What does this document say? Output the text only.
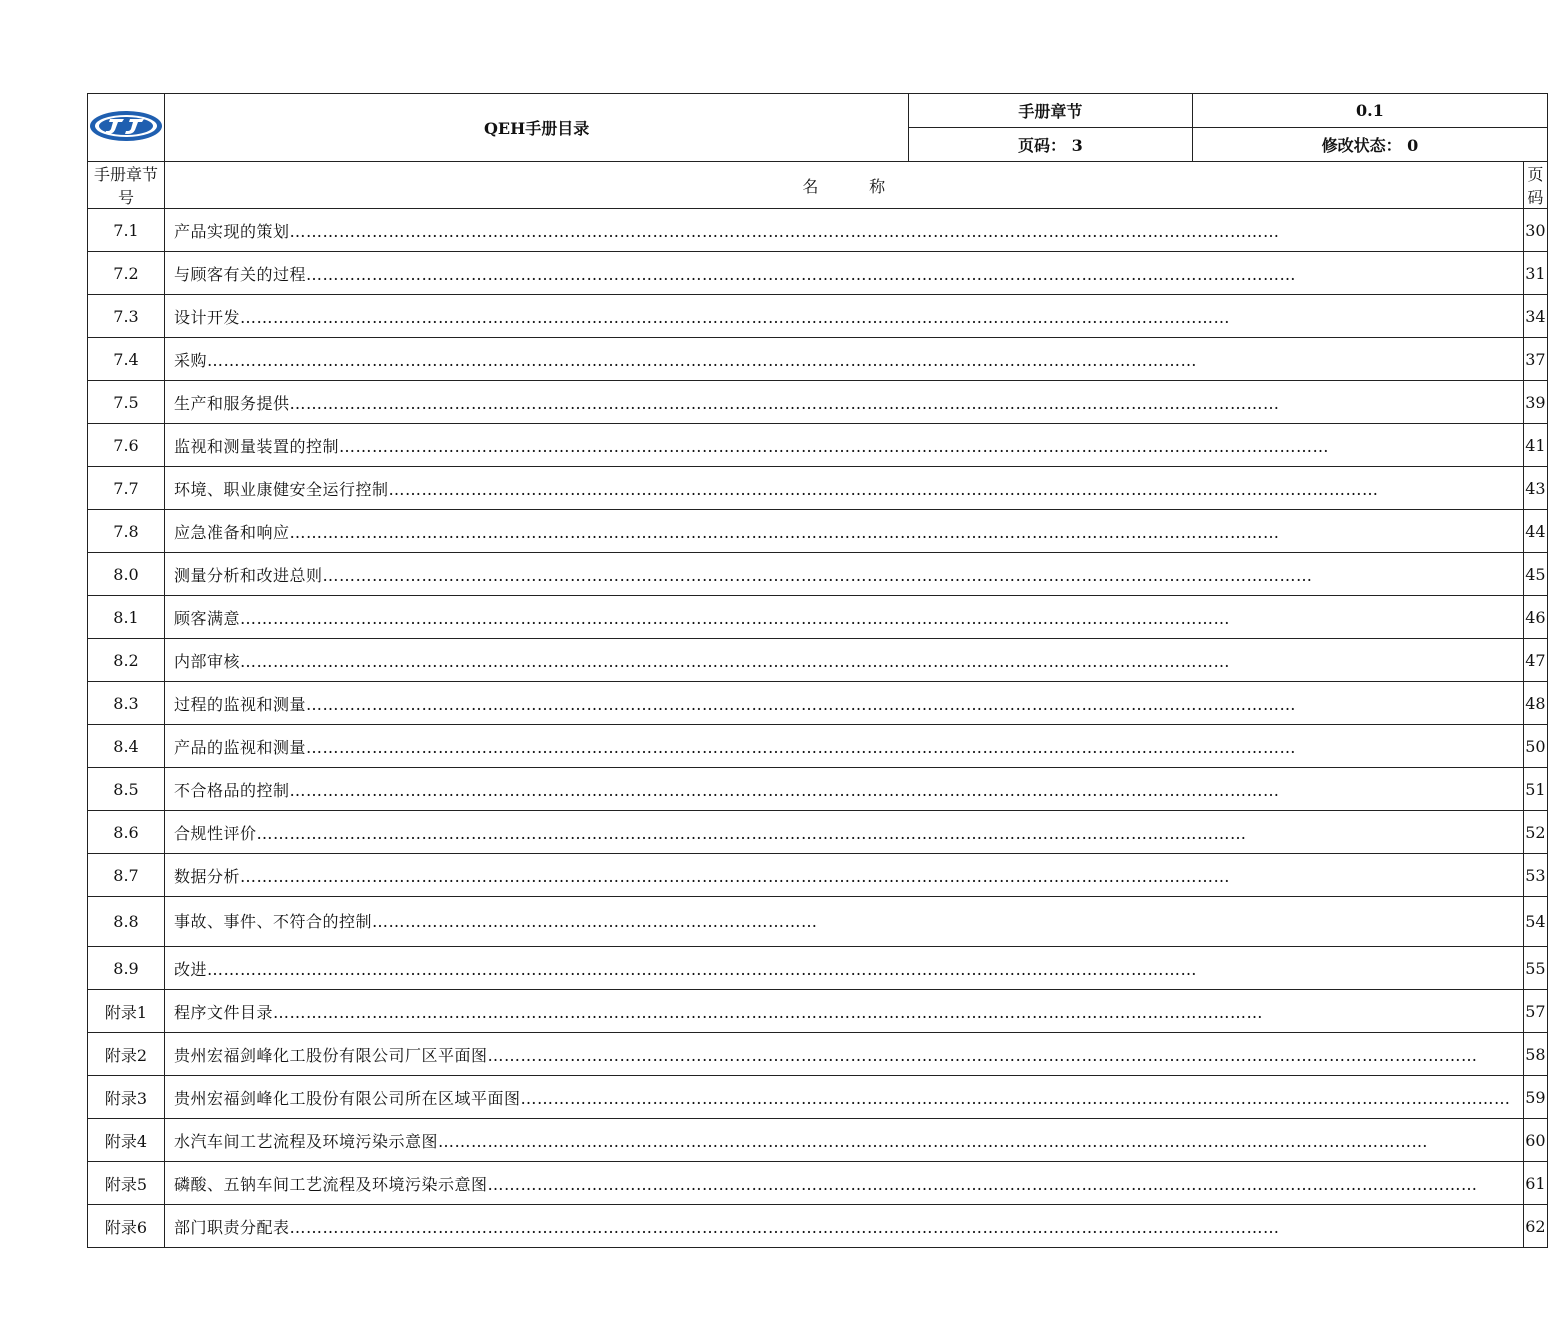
	QEH手册目录	手册章节	0.1	
		页码： 3	修改状态： 0	
手册章节号	名          称			页码
7.1	产品实现的策划………………………………………………………………………………………………………………………………………………………………			30
7.2	与顾客有关的过程………………………………………………………………………………………………………………………………………………………………			31
7.3	设计开发………………………………………………………………………………………………………………………………………………………………			34
7.4	采购………………………………………………………………………………………………………………………………………………………………			37
7.5	生产和服务提供………………………………………………………………………………………………………………………………………………………………			39
7.6	监视和测量装置的控制………………………………………………………………………………………………………………………………………………………………			41
7.7	环境、职业康健安全运行控制………………………………………………………………………………………………………………………………………………………………			43
7.8	应急准备和响应………………………………………………………………………………………………………………………………………………………………			44
8.0	测量分析和改进总则………………………………………………………………………………………………………………………………………………………………			45
8.1	顾客满意………………………………………………………………………………………………………………………………………………………………			46
8.2	内部审核………………………………………………………………………………………………………………………………………………………………			47
8.3	过程的监视和测量………………………………………………………………………………………………………………………………………………………………			48
8.4	产品的监视和测量………………………………………………………………………………………………………………………………………………………………			50
8.5	不合格品的控制………………………………………………………………………………………………………………………………………………………………			51
8.6	合规性评价………………………………………………………………………………………………………………………………………………………………			52
8.7	数据分析………………………………………………………………………………………………………………………………………………………………			53
8.8	事故、事件、不符合的控制………………………………………………………………………			54
8.9	改进………………………………………………………………………………………………………………………………………………………………			55
附录1	程序文件目录………………………………………………………………………………………………………………………………………………………………			57
附录2	贵州宏福剑峰化工股份有限公司厂区平面图………………………………………………………………………………………………………………………………………………………………			58
附录3	贵州宏福剑峰化工股份有限公司所在区域平面图………………………………………………………………………………………………………………………………………………………………			59
附录4	水汽车间工艺流程及环境污染示意图………………………………………………………………………………………………………………………………………………………………			60
附录5	磷酸、五钠车间工艺流程及环境污染示意图………………………………………………………………………………………………………………………………………………………………			61
附录6	部门职责分配表………………………………………………………………………………………………………………………………………………………………			62
